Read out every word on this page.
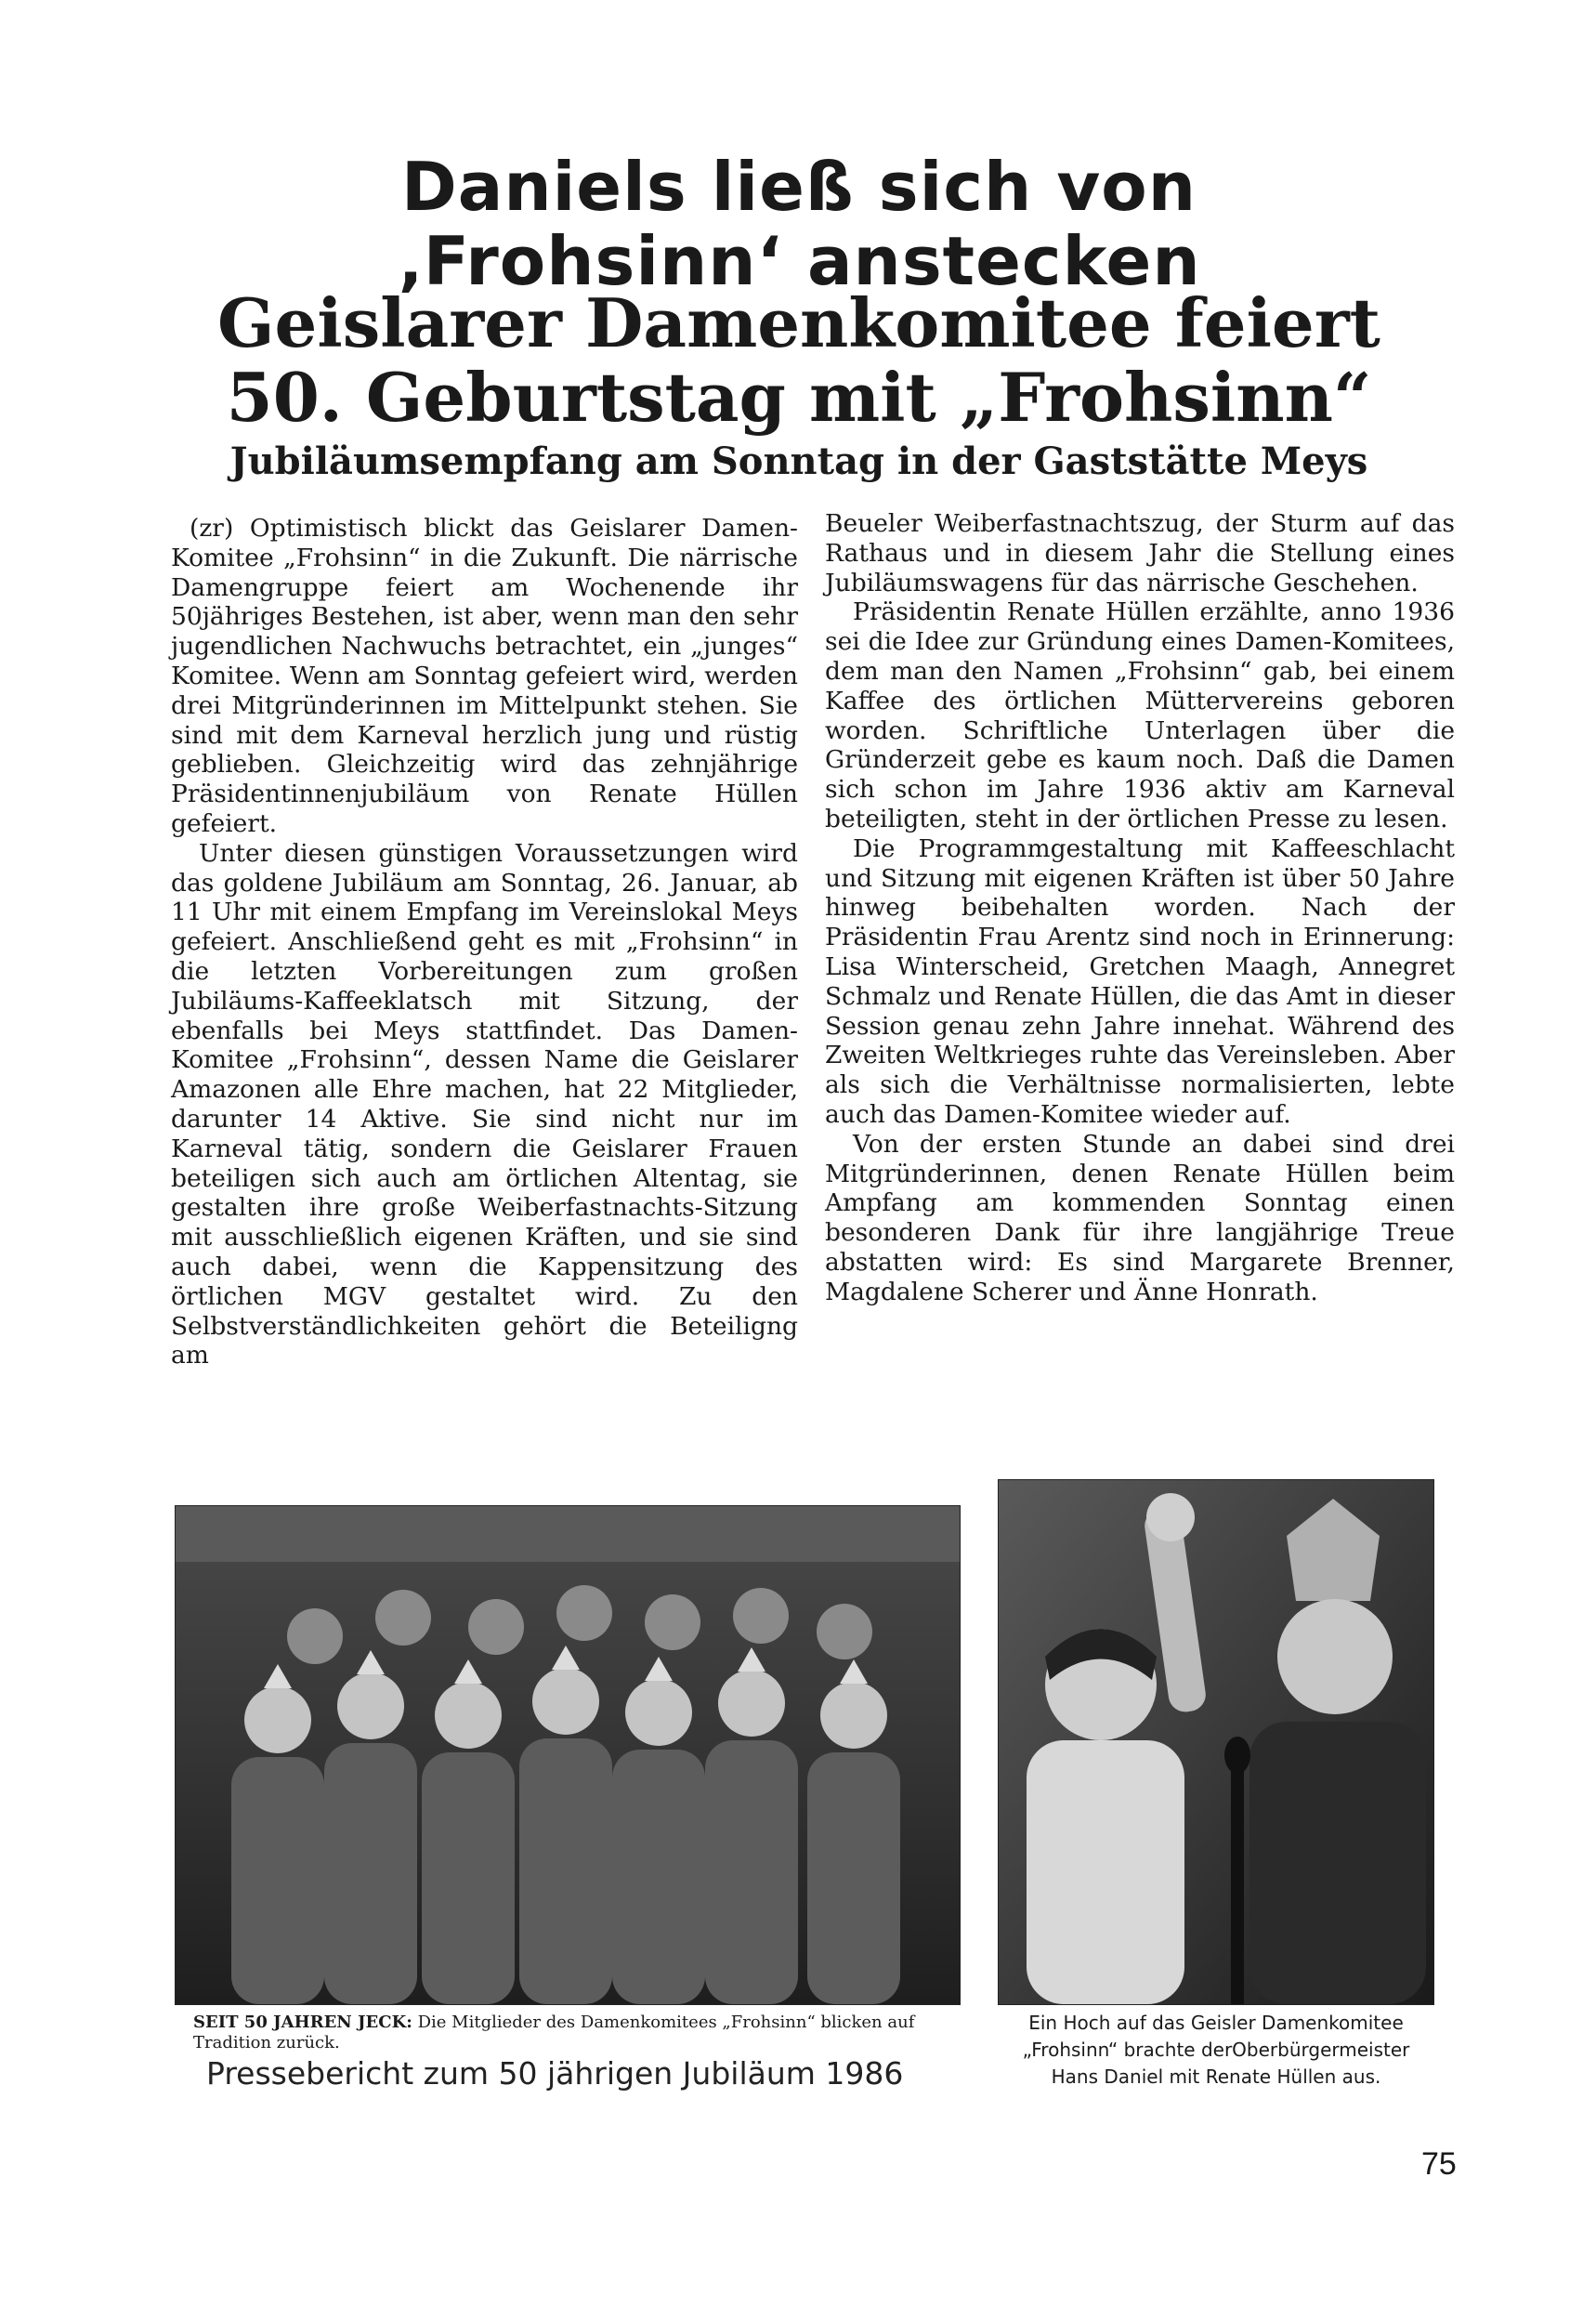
Daniels ließ sich von
‚Frohsinn‘ anstecken
Geislarer Damenkomitee feiert
50. Geburtstag mit „Frohsinn“
Jubiläumsempfang am Sonntag in der Gaststätte Meys

(zr) Optimistisch blickt das Geislarer Damen-Komitee „Frohsinn“ in die Zukunft. Die närrische Damengruppe feiert am Wochenende ihr 50jähriges Bestehen, ist aber, wenn man den sehr jugendlichen Nachwuchs betrachtet, ein „junges“ Komitee. Wenn am Sonntag gefeiert wird, werden drei Mitgründerinnen im Mittelpunkt stehen. Sie sind mit dem Karneval herzlich jung und rüstig geblieben. Gleichzeitig wird das zehnjährige Präsidentinnenjubiläum von Renate Hüllen gefeiert.

Unter diesen günstigen Voraussetzungen wird das goldene Jubiläum am Sonntag, 26. Januar, ab 11 Uhr mit einem Empfang im Vereinslokal Meys gefeiert. Anschließend geht es mit „Frohsinn“ in die letzten Vorbereitungen zum großen Jubiläums-Kaffeeklatsch mit Sitzung, der ebenfalls bei Meys stattfindet. Das Damen-Komitee „Frohsinn“, dessen Name die Geislarer Amazonen alle Ehre machen, hat 22 Mitglieder, darunter 14 Aktive. Sie sind nicht nur im Karneval tätig, sondern die Geislarer Frauen beteiligen sich auch am örtlichen Altentag, sie gestalten ihre große Weiberfastnachts-Sitzung mit ausschließlich eigenen Kräften, und sie sind auch dabei, wenn die Kappensitzung des örtlichen MGV gestaltet wird. Zu den Selbstverständlichkeiten gehört die Beteiligng am

Beueler Weiberfastnachtszug, der Sturm auf das Rathaus und in diesem Jahr die Stellung eines Jubiläumswagens für das närrische Geschehen.

Präsidentin Renate Hüllen erzählte, anno 1936 sei die Idee zur Gründung eines Damen-Komitees, dem man den Namen „Frohsinn“ gab, bei einem Kaffee des örtlichen Müttervereins geboren worden. Schriftliche Unterlagen über die Gründerzeit gebe es kaum noch. Daß die Damen sich schon im Jahre 1936 aktiv am Karneval beteiligten, steht in der örtlichen Presse zu lesen.

Die Programmgestaltung mit Kaffeeschlacht und Sitzung mit eigenen Kräften ist über 50 Jahre hinweg beibehalten worden. Nach der Präsidentin Frau Arentz sind noch in Erinnerung: Lisa Winterscheid, Gretchen Maagh, Annegret Schmalz und Renate Hüllen, die das Amt in dieser Session genau zehn Jahre innehat. Während des Zweiten Weltkrieges ruhte das Vereinsleben. Aber als sich die Verhältnisse normalisierten, lebte auch das Damen-Komitee wieder auf.

Von der ersten Stunde an dabei sind drei Mitgründerinnen, denen Renate Hüllen beim Ampfang am kommenden Sonntag einen besonderen Dank für ihre langjährige Treue abstatten wird: Es sind Margarete Brenner, Magdalene Scherer und Änne Honrath.

SEIT 50 JAHREN JECK: Die Mitglieder des Damenkomitees „Frohsinn“ blicken auf Tradition zurück.

Pressebericht zum 50 jährigen Jubiläum 1986

Ein Hoch auf das Geisler Damenkomitee
„Frohsinn“ brachte derOberbürgermeister
Hans Daniel mit Renate Hüllen aus.

75
